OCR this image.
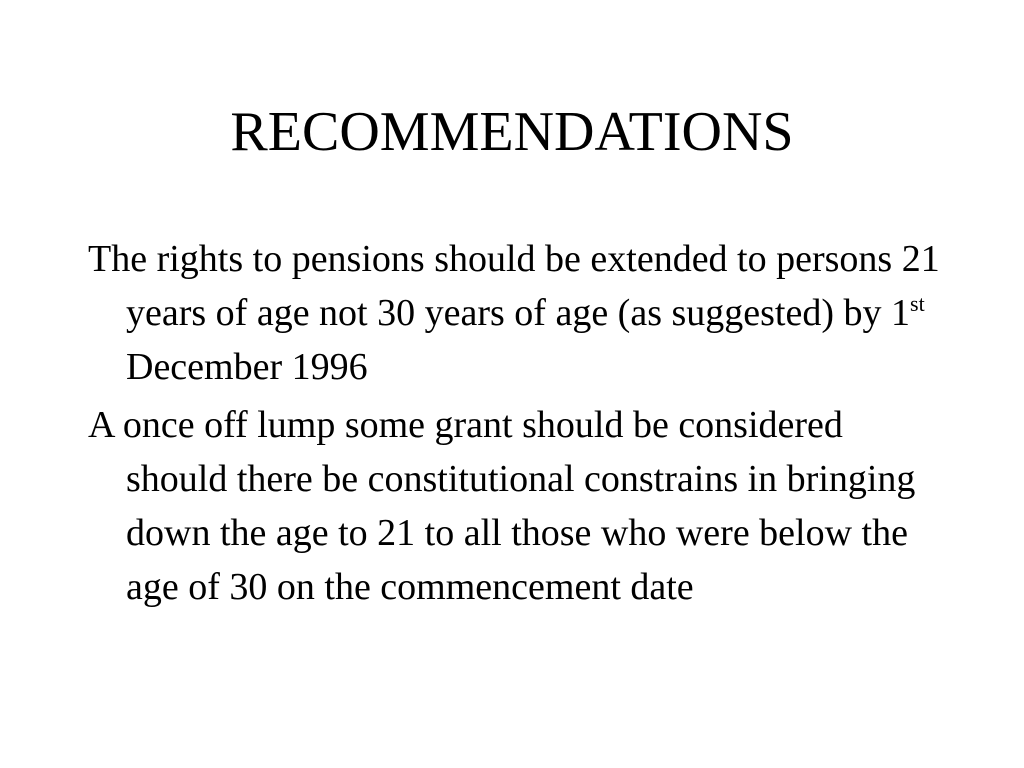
RECOMMENDATIONS
The rights to pensions should be extended to persons 21 years of age not 30 years of age (as suggested) by 1st December 1996
A once off lump some grant should be considered should there be constitutional constrains in bringing down the age to 21 to all those who were below the age of 30 on the commencement date
